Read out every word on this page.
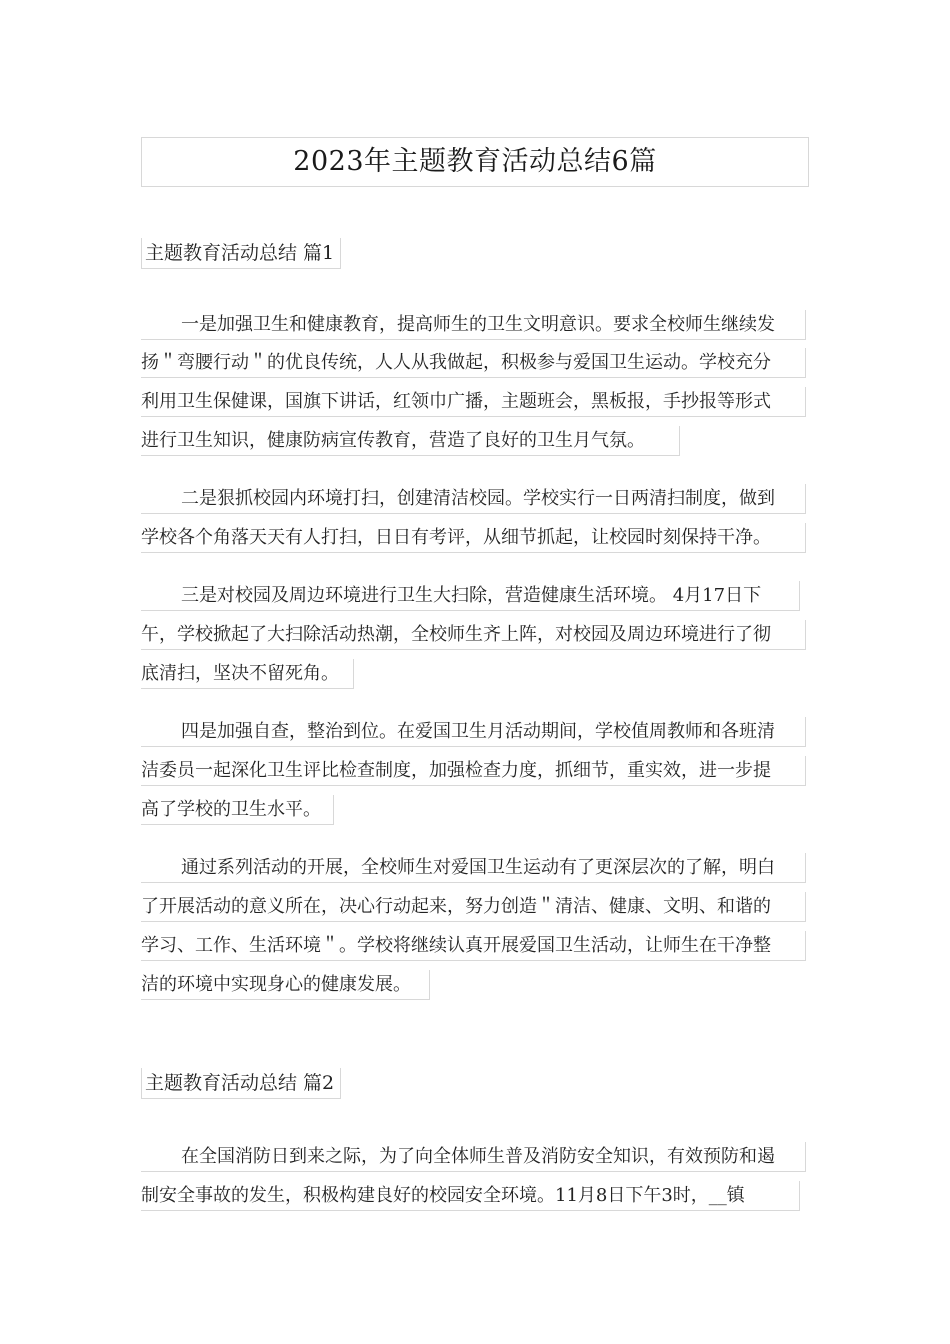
2023年主题教育活动总结6篇
主题教育活动总结 篇1
一是加强卫生和健康教育，提高师生的卫生文明意识。要求全校师生继续发
扬＂弯腰行动＂的优良传统，人人从我做起，积极参与爱国卫生运动。学校充分
利用卫生保健课，国旗下讲话，红领巾广播，主题班会，黑板报，手抄报等形式
进行卫生知识，健康防病宣传教育，营造了良好的卫生月气氛。
二是狠抓校园内环境打扫，创建清洁校园。学校实行一日两清扫制度，做到
学校各个角落天天有人打扫，日日有考评，从细节抓起，让校园时刻保持干净。
三是对校园及周边环境进行卫生大扫除，营造健康生活环境。 4月17日下
午，学校掀起了大扫除活动热潮，全校师生齐上阵，对校园及周边环境进行了彻
底清扫，坚决不留死角。
四是加强自查，整治到位。在爱国卫生月活动期间，学校值周教师和各班清
洁委员一起深化卫生评比检查制度，加强检查力度，抓细节，重实效，进一步提
高了学校的卫生水平。
通过系列活动的开展，全校师生对爱国卫生运动有了更深层次的了解，明白
了开展活动的意义所在，决心行动起来，努力创造＂清洁、健康、文明、和谐的
学习、工作、生活环境＂。学校将继续认真开展爱国卫生活动，让师生在干净整
洁的环境中实现身心的健康发展。
主题教育活动总结 篇2
在全国消防日到来之际，为了向全体师生普及消防安全知识，有效预防和遏
制安全事故的发生，积极构建良好的校园安全环境。11月8日下午3时，__镇
